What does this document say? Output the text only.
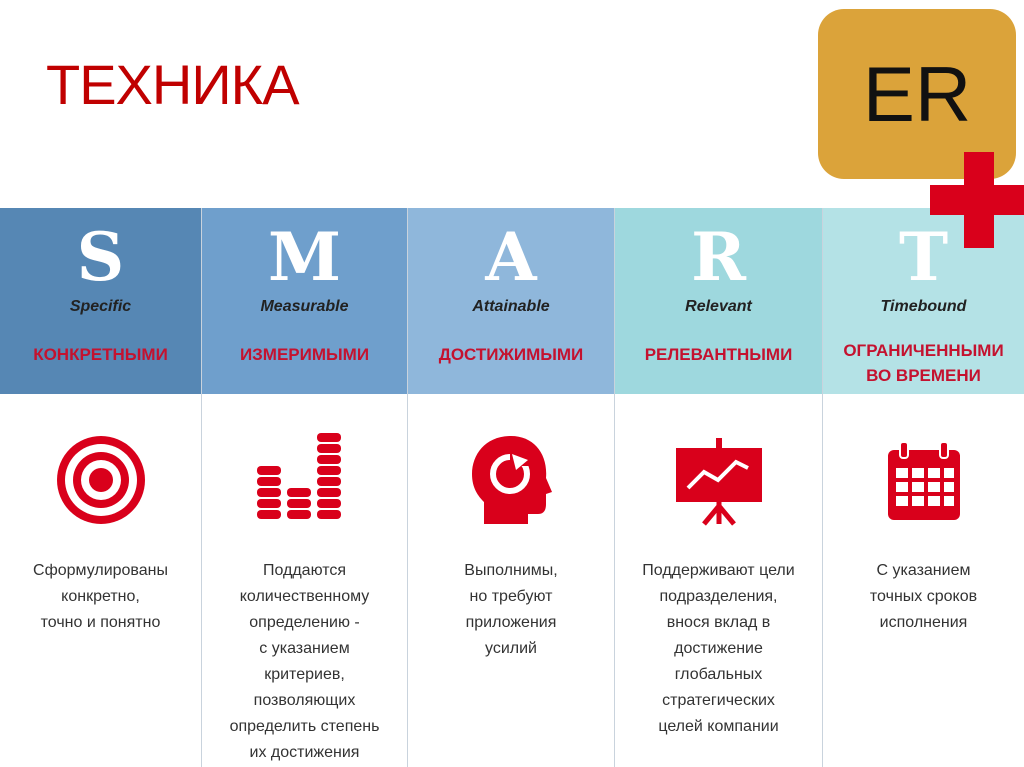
ТЕХНИКА	ER
S
Specific
КОНКРЕТНЫМИ
Сформулированы
конкретно,
точно и понятно
M
Measurable
ИЗМЕРИМЫМИ
Поддаются
количественному
определению -
с указанием
критериев,
позволяющих
определить степень
их достижения
A
Attainable
ДОСТИЖИМЫМИ
Выполнимы,
но требуют
приложения
усилий
R
Relevant
РЕЛЕВАНТНЫМИ
Поддерживают цели
подразделения,
внося вклад в
достижение
глобальных
стратегических
целей компании
T
Timebound
ОГРАНИЧЕННЫМИ
ВО ВРЕМЕНИ
С указанием
точных сроков
исполнения
